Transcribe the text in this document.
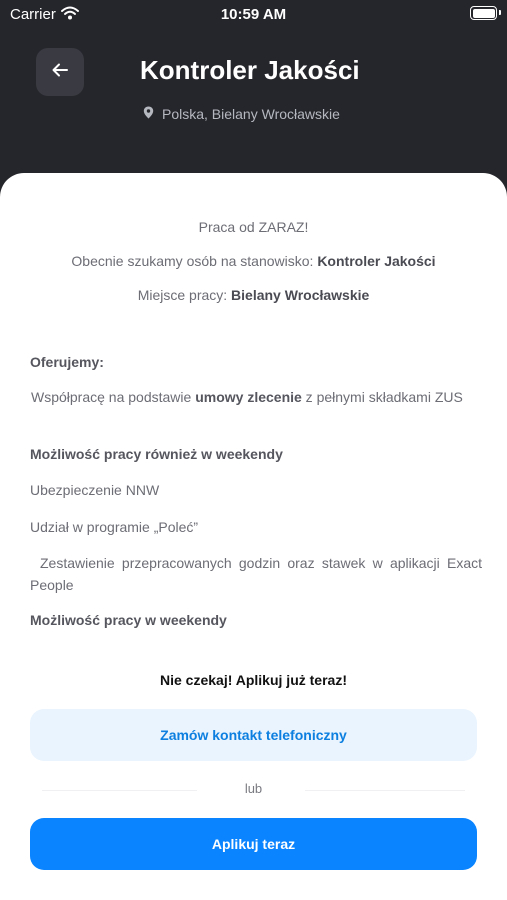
Carrier	10:59 AM
Kontroler Jakości
Polska, Bielany Wrocławskie
Praca od ZARAZ!
Obecnie szukamy osób na stanowisko: Kontroler Jakości
Miejsce pracy: Bielany Wrocławskie
Oferujemy:
Współpracę na podstawie umowy zlecenie z pełnymi składkami ZUS
Możliwość pracy również w weekendy
Ubezpieczenie NNW
Udział w programie „Poleć”
Zestawienie przepracowanych godzin oraz stawek w aplikacji Exact People
Możliwość pracy w weekendy
Nie czekaj! Aplikuj już teraz!
Zamów kontakt telefoniczny
lub
Aplikuj teraz
